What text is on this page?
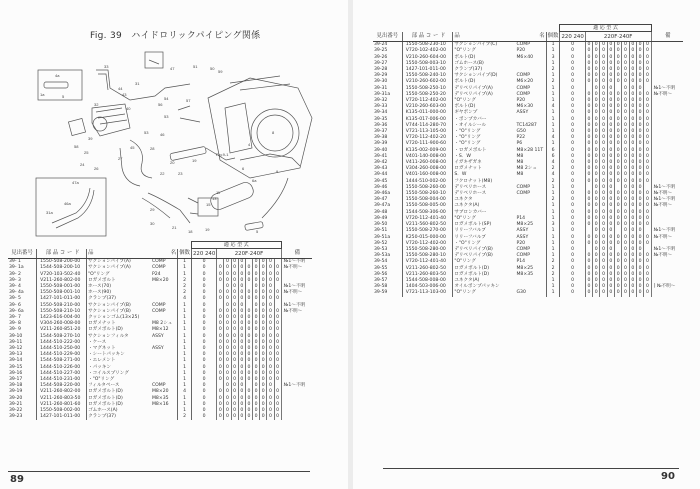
Fig. 39　ハイドロリックパイピング関係
4a
1a	5
33
31
47	51	50
59
44
43
32
40
56
54	57
53
53
39
58
25
24
26
45	28
27
46
20	19
22	23
4
8
9
6a
6
11
13
15
29
30
21
18	19	5
47a
46a
31a
Fig.9-1
					適 応 型 式										
見出番号	部 品 コ ー ド	品	名	個数	220 240	220F·240F									備
39- 1	1550-508-200-00	サクションパイプ(A)	COMP	1	0		0	0	0		0	0	0		№1～不明
39- 1a	1544-508-200-10	サクションパイプ(A)	COMP	1	0	0	0	0	0	0	0	0	0	0	№不明～
39- 2	V720-103-502-40	"O"リング	P24	1	0	0	0	0	0	0	0	0	0	0	
39- 3	V211-260-802-00	ロガメボルト	M8×20	2	0	0	0	0	0	0	0	0	0	0	
39- 4	1550-508-001-00	ホース(70)		2	0		0	0	0		0	0	0		№1～不明
39- 4a	1550-508-001-10	ホース(90)		2	0	0	0	0	0	0	0	0	0	0	№不明～
39- 5	1427-101-011-00	クランプ(37)		4	0	0	0	0	0	0	0	0	0	0	
39- 6	1550-508-210-00	サクションパイプ(B)	COMP	1	0		0	0	0		0	0	0		№1～不明
39- 6a	1550-508-210-10	サクションパイプ(B)	COMP	1	0	0	0	0	0	0	0	0	0	0	№不明～
39- 7	1423-616-004-00	クッションゴム(13×25)		1	0	0	0	0	0	0	0	0	0	0	
39- 8	V304-260-008-00	ロガメナット	M8 2シュ	1	0	0	0	0	0	0	0	0	0	0	
39- 9	V211-260-851-20	ロガメボルト(D)	M8×12	1	0	0	0	0	0	0	0	0	0	0	
39-10	1544-508-270-10	サクションフィルタ	ASSY	1	0	0	0	0	0	0	0	0	0	0	
39-11	1444-510-222-00	・ケース		1	0	0	0	0	0	0	0	0	0	0	
39-12	1444-510-250-00	・マグネット	ASSY	1	0	0	0	0	0	0	0	0	0	0	
39-13	1444-510-229-00	・シートパッキン		1	0	0	0	0	0	0	0	0	0	0	
39-14	1544-508-271-00	・エレメント		1	0	0	0	0	0	0	0	0	0	0	
39-15	1444-510-226-00	・パッキン		1	0	0	0	0	0	0	0	0	0	0	
39-16	1444-510-227-00	・コイルスプリング		1	0	0	0	0	0	0	0	0	0	0	
39-17	1444-510-231-00	・"O"リング		1	0	0	0	0	0	0	0	0	0	0	
39-18	1544-508-220-00	フィルタベース	COMP	1	0		0	0	0		0	0	0		№1～不明
39-19	V211-260-802-00	ロガメボルト(D)	M8×20	4	0	0	0	0	0	0	0	0	0	0	
39-20	V211-260-803-50	ロガメボルト(D)	M8×35	1	0	0	0	0	0	0	0	0	0	0	
39-21	V211-260-801-60	ロガメボルト(D)	M8×16	1	0	0	0	0	0	0	0	0	0	0	
39-22	1550-508-002-00	ゴムホース(A)		1	0	0	0	0	0	0	0	0	0	0	
39-23	1427-101-011-00	クランプ(37)		2	0	0	0	0	0	0	0	0	0	0	
89
					適 応 型 式										
見出番号	部 品 コ ー ド	品	名	個数	220 240	220F·240F									備
39-24	1550-508-230-10	サクションパイプ(C)	COMP	1	0	0	0	0	0	0	0	0	0	0	
39-25	V720-102-402-00	"O"リング	P20	1	0	0	0	0	0	0	0	0	0	0	
39-26	V210-260-604-00	ボルト(D)	M6×40	3	0	0	0	0	0	0	0	0	0	0	
39-27	1550-508-003-10	ゴムホース(B)		1	0	0	0	0	0	0	0	0	0	0	
39-28	1427-101-011-00	クランプ(37)		2	0	0	0	0	0	0	0	0	0	0	
39-29	1550-508-240-10	サクションパイプ(D)	COMP	1	0	0	0	0	0	0	0	0	0	0	
39-30	V210-260-602-00	ボルト(D)	M6×20	2	0	0	0	0	0	0	0	0	0	0	
39-31	1550-508-250-10	デリベリパイプ(A)	COMP	1	0		0	0	0		0	0	0		№1～不明
39-31a	1550-508-250-20	デリベリパイプ(A)	COMP	1	0	0	0	0	0	0	0	0	0	0	№不明～
39-32	V720-112-402-00	"O"リング	P20	1	0	0	0	0	0	0	0	0	0	0	
39-33	V210-260-603-00	ボルト(D)	M6×30	4	0	0	0	0	0	0	0	0	0	0	
39-34	K135-011-000-00	ギヤポンプ	ASSY	1	0	0	0	0	0	0	0	0	0	0	
39-35	K135-017-006-00	・ポンプカバー		1	0	0	0	0	0	0	0	0	0	0	
39-36	V744-114-280-70	・オイルシール	TC14287	1	0	0	0	0	0	0	0	0	0	0	
39-37	V721-113-105-00	・"O"リング	G50	1	0	0	0	0	0	0	0	0	0	0	
39-38	V720-112-402-20	・"O"リング	P22	4	0	0	0	0	0	0	0	0	0	0	
39-39	V720-111-900-60	・"O"リング	P6	1	0	0	0	0	0	0	0	0	0	0	
39-40	K135-002-009-00	・ロガメボルト	M8×28 11T	6	0	0	0	0	0	0	0	0	0	0	
39-41	V401-140-008-00	・S．W	M8	6	0	0	0	0	0	0	0	0	0	0	
39-42	V411-260-008-00	イガキザガネ	M8	4	0	0	0	0	0	0	0	0	0	0	
39-43	V304-260-008-00	ロガメナット	M8 2シュ	2	0	0	0	0	0	0	0	0	0	0	
39-44	V401-160-008-00	S．W	M8	4	0	0	0	0	0	0	0	0	0	0	
39-45	1444-510-002-00	フクロナット(M8)		2	0	0	0	0	0	0	0	0	0	0	
39-46	1550-508-260-00	デリベリホース	COMP	1	0		0	0	0		0	0	0		№1～不明
39-46a	1550-508-260-10	デリベリホース	COMP	1	0	0	0	0	0	0	0	0	0	0	№不明～
39-47	1550-508-004-00	ユネクタ		2	0	0	0	0	0	0	0	0	0	0	№1～不明
39-47a	1550-508-005-00	ユネクタ(A)		1	0	0	0	0	0	0	0	0	0	0	№不明～
39-48	1544-508-306-00	サブロンカバー		1	0	0	0	0	0	0	0	0	0	0	
39-49	V720-112-401-40	"O"リング	P14	1	0	0	0	0	0	0	0	0	0	0	
39-50	V211-560-802-50	ロガメボルト(SP)	M8×25	3	0	0	0	0	0	0	0	0	0	0	
39-51	1550-508-270-00	リリーフバルブ	ASSY	1	0		0	0	0		0	0	0		№1～不明
39-51a	K250-015-000-00	リリーフバルブ	ASSY	1	0	0	0	0	0	0	0	0	0	0	№不明～
39-52	V720-112-402-00	・"O"リング	P20	1	0	0	0	0	0	0	0	0	0	0	
39-53	1550-508-280-00	デリベリパイプ(B)	COMP	1	0		0	0	0		0	0	0		№1～不明
39-53a	1550-508-280-10	デリベリパイプ(B)	COMP	1	0	0	0	0	0	0	0	0	0	0	№不明～
39-54	V720-112-401-40	"O"リング	P14	2	0	0	0	0	0	0	0	0	0	0	
39-55	V211-260-802-50	ロガメボルト(D)	M8×25	2	0	0	0	0	0	0	0	0	0	0	
39-56	V211-260-803-50	ロガメボルト(D)	M8×35	2	0	0	0	0	0	0	0	0	0	0	
39-57	1544-508-008-00	ユネクタ(A)		1	0	0	0	0	0	0	0	0	0	0	
39-58	1404-503-006-00	オイルポンプパッキン		1	0	0	0	0	0	0	0	0	0	0	] №不明～
39-59	V721-113-103-00	"O"リング	G30	1	0	0	0	0	0	0	0	0	0	0	
90
